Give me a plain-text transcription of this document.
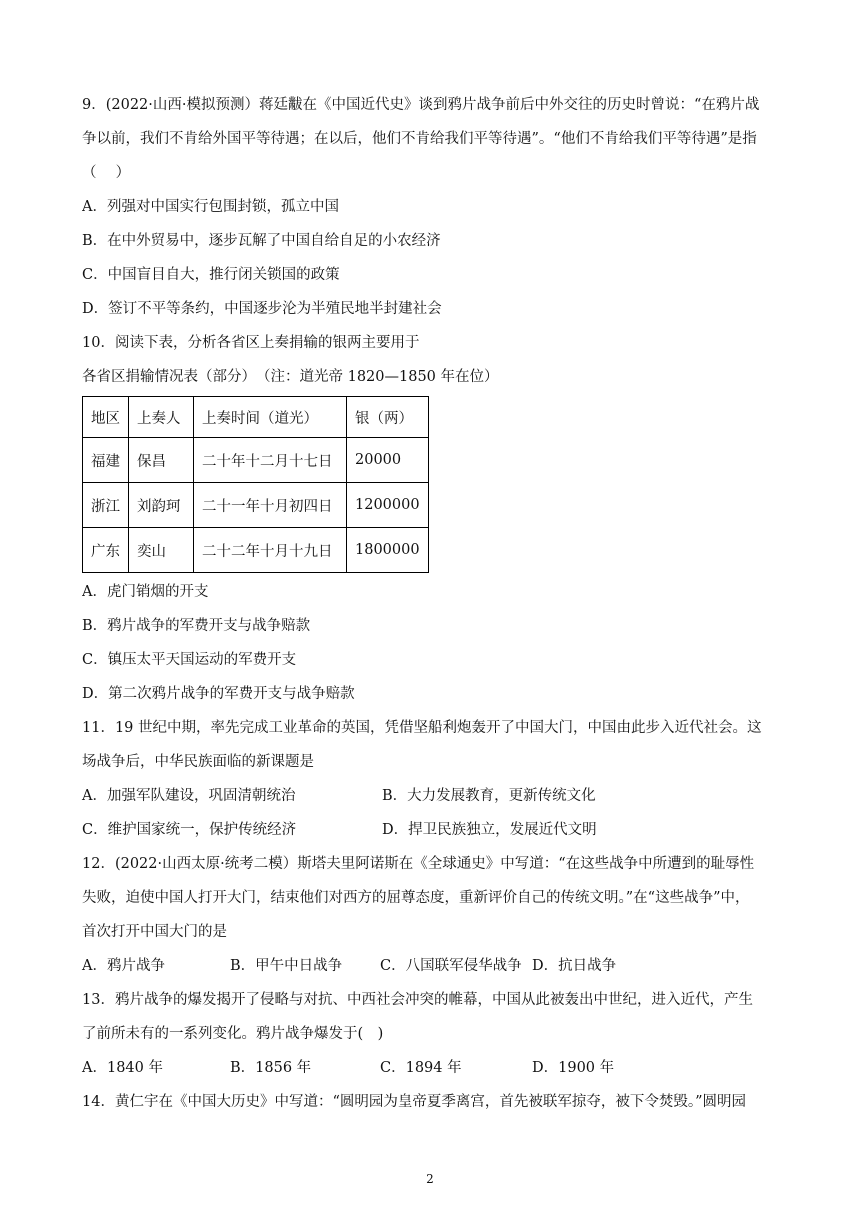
9．(2022·山西·模拟预测）蒋廷黻在《中国近代史》谈到鸦片战争前后中外交往的历史时曾说：“在鸦片战
争以前，我们不肯给外国平等待遇；在以后，他们不肯给我们平等待遇”。“他们不肯给我们平等待遇”是指
（　 ）
A．列强对中国实行包围封锁，孤立中国
B．在中外贸易中，逐步瓦解了中国自给自足的小农经济
C．中国盲目自大，推行闭关锁国的政策
D．签订不平等条约，中国逐步沦为半殖民地半封建社会
10．阅读下表，分析各省区上奏捐输的银两主要用于
各省区捐输情况表（部分）　（注：道光帝 1820—1850 年在位）
地区	上奏人	上奏时间（道光）	银（两）
福建	保昌	二十年十二月十七日	20000
浙江	刘韵珂	二十一年十月初四日	1200000
广东	奕山	二十二年十月十九日	1800000
A．虎门销烟的开支
B．鸦片战争的军费开支与战争赔款
C．镇压太平天国运动的军费开支
D．第二次鸦片战争的军费开支与战争赔款
11．19 世纪中期，率先完成工业革命的英国，凭借坚船利炮轰开了中国大门，中国由此步入近代社会。这
场战争后，中华民族面临的新课题是
A．加强军队建设，巩固清朝统治	B．大力发展教育，更新传统文化
C．维护国家统一，保护传统经济	D．捍卫民族独立，发展近代文明
12．(2022·山西太原·统考二模）斯塔夫里阿诺斯在《全球通史》中写道：“在这些战争中所遭到的耻辱性
失败，迫使中国人打开大门，结束他们对西方的屈尊态度，重新评价自己的传统文明。”在“这些战争”中，
首次打开中国大门的是
A．鸦片战争	B．甲午中日战争	C．八国联军侵华战争 D．抗日战争
13．鸦片战争的爆发揭开了侵略与对抗、中西社会冲突的帷幕，中国从此被轰出中世纪，进入近代，产生
了前所未有的一系列变化。鸦片战争爆发于(　)
A．1840 年	B．1856 年	C．1894 年	D．1900 年
14．黄仁宇在《中国大历史》中写道：“圆明园为皇帝夏季离宫，首先被联军掠夺，被下令焚毁。”圆明园
2
